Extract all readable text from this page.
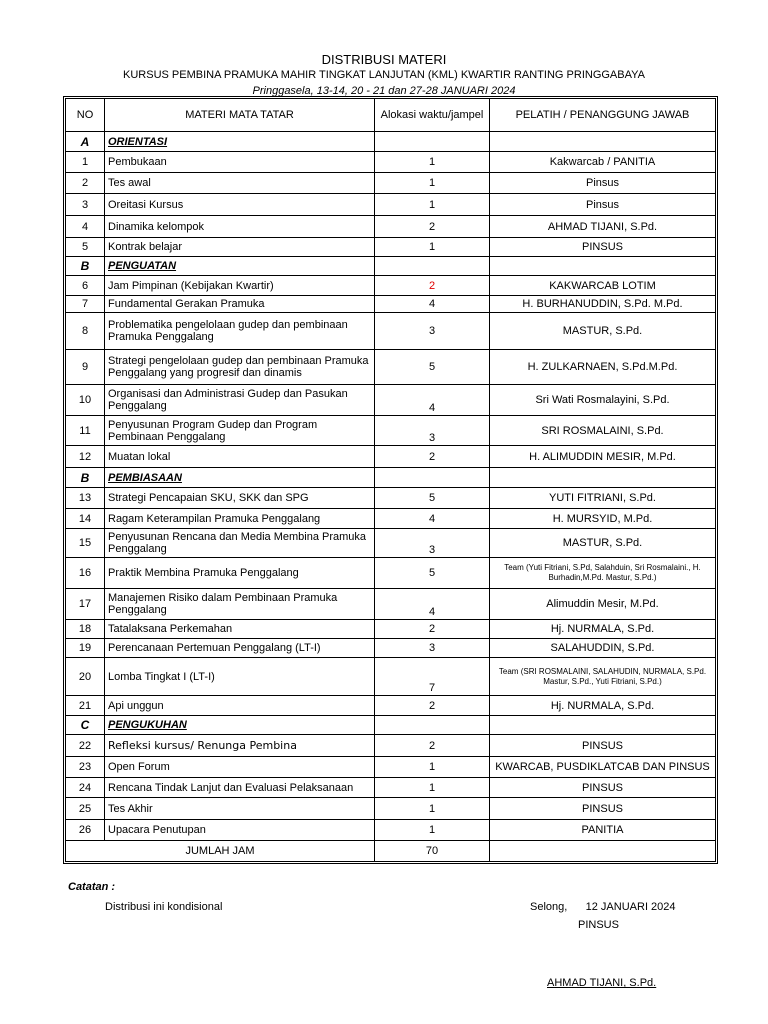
DISTRIBUSI MATERI
KURSUS PEMBINA PRAMUKA MAHIR TINGKAT LANJUTAN (KML) KWARTIR RANTING PRINGGABAYA
Pringgasela, 13-14, 20 - 21 dan 27-28 JANUARI 2024
NO	MATERI MATA TATAR	Alokasi waktu/jampel	PELATIH / PENANGGUNG JAWAB
A	ORIENTASI		
1	Pembukaan	1	Kakwarcab / PANITIA
2	Tes awal	1	Pinsus
3	Oreitasi Kursus	1	Pinsus
4	Dinamika kelompok	2	AHMAD TIJANI, S.Pd.
5	Kontrak belajar	1	PINSUS
B	PENGUATAN		
6	Jam Pimpinan (Kebijakan Kwartir)	2	KAKWARCAB LOTIM
7	Fundamental Gerakan Pramuka	4	H. BURHANUDDIN, S.Pd. M.Pd.
8	Problematika pengelolaan gudep dan pembinaan Pramuka Penggalang	3	MASTUR, S.Pd.
9	Strategi pengelolaan gudep dan pembinaan Pramuka Penggalang yang progresif dan dinamis	5	H. ZULKARNAEN, S.Pd.M.Pd.
10	Organisasi dan Administrasi Gudep dan Pasukan Penggalang	4	Sri Wati Rosmalayini, S.Pd.
11	Penyusunan Program Gudep dan Program Pembinaan Penggalang	3	SRI ROSMALAINI, S.Pd.
12	Muatan lokal	2	H. ALIMUDDIN MESIR, M.Pd.
B	PEMBIASAAN		
13	Strategi Pencapaian SKU, SKK dan SPG	5	YUTI FITRIANI, S.Pd.
14	Ragam Keterampilan Pramuka Penggalang	4	H. MURSYID, M.Pd.
15	Penyusunan Rencana dan Media Membina Pramuka Penggalang	3	MASTUR, S.Pd.
16	Praktik Membina Pramuka Penggalang	5	Team (Yuti Fitriani, S.Pd, Salahduin, Sri Rosmalaini., H. Burhadin,M.Pd. Mastur, S.Pd.)
17	Manajemen Risiko dalam Pembinaan Pramuka Penggalang	4	Alimuddin Mesir, M.Pd.
18	Tatalaksana Perkemahan	2	Hj. NURMALA, S.Pd.
19	Perencanaan Pertemuan Penggalang (LT-I)	3	SALAHUDDIN, S.Pd.
20	Lomba Tingkat I (LT-I)	7	Team (SRI ROSMALAINI, SALAHUDIN, NURMALA, S.Pd. Mastur, S.Pd., Yuti Fitriani, S.Pd.)
21	Api unggun	2	Hj. NURMALA, S.Pd.
C	PENGUKUHAN		
22	Refleksi kursus/ Renunga Pembina	2	PINSUS
23	Open Forum	1	KWARCAB, PUSDIKLATCAB DAN PINSUS
24	Rencana Tindak Lanjut dan Evaluasi Pelaksanaan	1	PINSUS
25	Tes Akhir	1	PINSUS
26	Upacara Penutupan	1	PANITIA
JUMLAH JAM		70	
Catatan :
Distribusi ini kondisional	Selong,      12 JANUARI 2024
PINSUS
AHMAD TIJANI, S.Pd.
